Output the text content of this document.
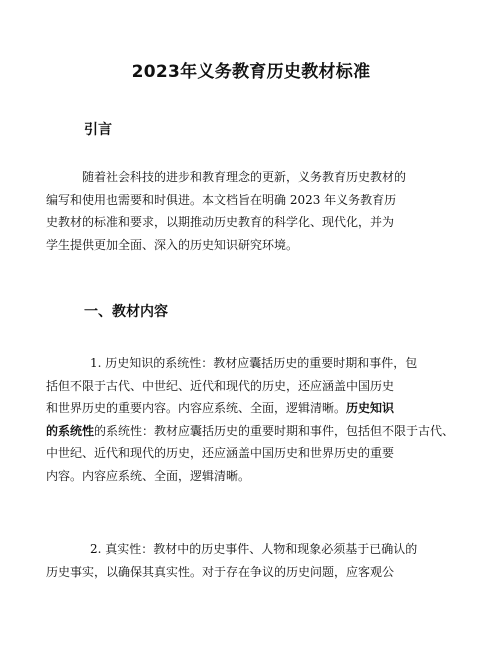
2023年义务教育历史教材标准
引言
随着社会科技的进步和教育理念的更新，义务教育历史教材的
编写和使用也需要和时俱进。本文档旨在明确 2023 年义务教育历
史教材的标准和要求，以期推动历史教育的科学化、现代化，并为
学生提供更加全面、深入的历史知识研究环境。
一、教材内容
1. 历史知识的系统性：教材应囊括历史的重要时期和事件，包
括但不限于古代、中世纪、近代和现代的历史，还应涵盖中国历史
和世界历史的重要内容。内容应系统、全面，逻辑清晰。历史知识
的系统性的系统性：教材应囊括历史的重要时期和事件，包括但不限于古代、
中世纪、近代和现代的历史，还应涵盖中国历史和世界历史的重要
内容。内容应系统、全面，逻辑清晰。
2. 真实性：教材中的历史事件、人物和现象必须基于已确认的
历史事实，以确保其真实性。对于存在争议的历史问题，应客观公
